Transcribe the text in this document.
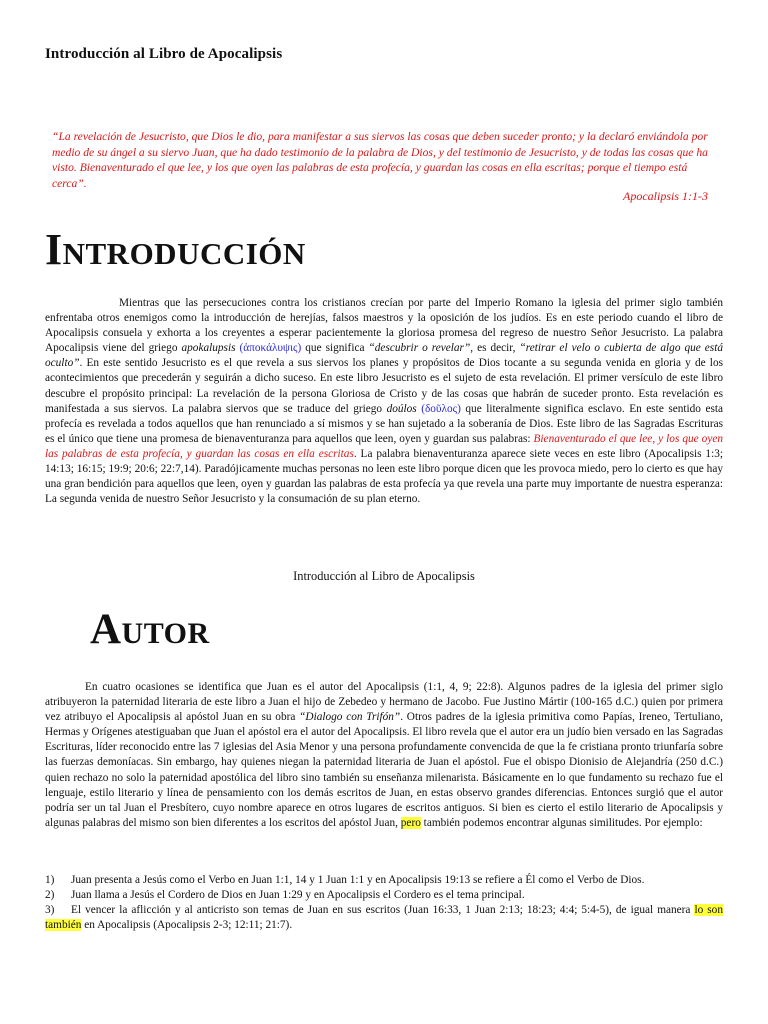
Introducción al Libro de Apocalipsis
“La revelación de Jesucristo, que Dios le dio, para manifestar a sus siervos las cosas que deben suceder pronto; y la declaró enviándola por medio de su ángel a su siervo Juan, que ha dado testimonio de la palabra de Dios, y del testimonio de Jesucristo, y de todas las cosas que ha visto. Bienaventurado el que lee, y los que oyen las palabras de esta profecía, y guardan las cosas en ella escritas; porque el tiempo está cerca”.
Apocalipsis 1:1-3
Introducción
Mientras que las persecuciones contra los cristianos crecían por parte del Imperio Romano la iglesia del primer siglo también enfrentaba otros enemigos como la introducción de herejías, falsos maestros y la oposición de los judíos. Es en este periodo cuando el libro de Apocalipsis consuela y exhorta a los creyentes a esperar pacientemente la gloriosa promesa del regreso de nuestro Señor Jesucristo. La palabra Apocalipsis viene del griego apokalupsis (ἀποκάλυψις) que significa “descubrir o revelar”, es decir, “retirar el velo o cubierta de algo que está oculto”. En este sentido Jesucristo es el que revela a sus siervos los planes y propósitos de Dios tocante a su segunda venida en gloria y de los acontecimientos que precederán y seguirán a dicho suceso. En este libro Jesucristo es el sujeto de esta revelación. El primer versículo de este libro descubre el propósito principal: La revelación de la persona Gloriosa de Cristo y de las cosas que habrán de suceder pronto. Esta revelación es manifestada a sus siervos. La palabra siervos que se traduce del griego doúlos (δοῦλος) que literalmente significa esclavo. En este sentido esta profecía es revelada a todos aquellos que han renunciado a sí mismos y se han sujetado a la soberanía de Dios. Este libro de las Sagradas Escrituras es el único que tiene una promesa de bienaventuranza para aquellos que leen, oyen y guardan sus palabras: Bienaventurado el que lee, y los que oyen las palabras de esta profecía, y guardan las cosas en ella escritas. La palabra bienaventuranza aparece siete veces en este libro (Apocalipsis 1:3; 14:13; 16:15; 19:9; 20:6; 22:7,14). Paradójicamente muchas personas no leen este libro porque dicen que les provoca miedo, pero lo cierto es que hay una gran bendición para aquellos que leen, oyen y guardan las palabras de esta profecía ya que revela una parte muy importante de nuestra esperanza: La segunda venida de nuestro Señor Jesucristo y la consumación de su plan eterno.
Introducción al Libro de Apocalipsis
Autor
En cuatro ocasiones se identifica que Juan es el autor del Apocalipsis (1:1, 4, 9; 22:8). Algunos padres de la iglesia del primer siglo atribuyeron la paternidad literaria de este libro a Juan el hijo de Zebedeo y hermano de Jacobo. Fue Justino Mártir (100-165 d.C.) quien por primera vez atribuyo el Apocalipsis al apóstol Juan en su obra “Dialogo con Trifón”. Otros padres de la iglesia primitiva como Papías, Ireneo, Tertuliano, Hermas y Orígenes atestiguaban que Juan el apóstol era el autor del Apocalipsis. El libro revela que el autor era un judío bien versado en las Sagradas Escrituras, líder reconocido entre las 7 iglesias del Asia Menor y una persona profundamente convencida de que la fe cristiana pronto triunfaría sobre las fuerzas demoníacas. Sin embargo, hay quienes niegan la paternidad literaria de Juan el apóstol. Fue el obispo Dionisio de Alejandría (250 d.C.) quien rechazo no solo la paternidad apostólica del libro sino también su enseñanza milenarista. Básicamente en lo que fundamento su rechazo fue el lenguaje, estilo literario y línea de pensamiento con los demás escritos de Juan, en estas observo grandes diferencias. Entonces surgió que el autor podría ser un tal Juan el Presbítero, cuyo nombre aparece en otros lugares de escritos antiguos. Si bien es cierto el estilo literario de Apocalipsis y algunas palabras del mismo son bien diferentes a los escritos del apóstol Juan, pero también podemos encontrar algunas similitudes. Por ejemplo:
1) Juan presenta a Jesús como el Verbo en Juan 1:1, 14 y 1 Juan 1:1 y en Apocalipsis 19:13 se refiere a Él como el Verbo de Dios.
2) Juan llama a Jesús el Cordero de Dios en Juan 1:29 y en Apocalipsis el Cordero es el tema principal.
3) El vencer la aflicción y al anticristo son temas de Juan en sus escritos (Juan 16:33, 1 Juan 2:13; 18:23; 4:4; 5:4-5), de igual manera lo son también en Apocalipsis (Apocalipsis 2-3; 12:11; 21:7).
